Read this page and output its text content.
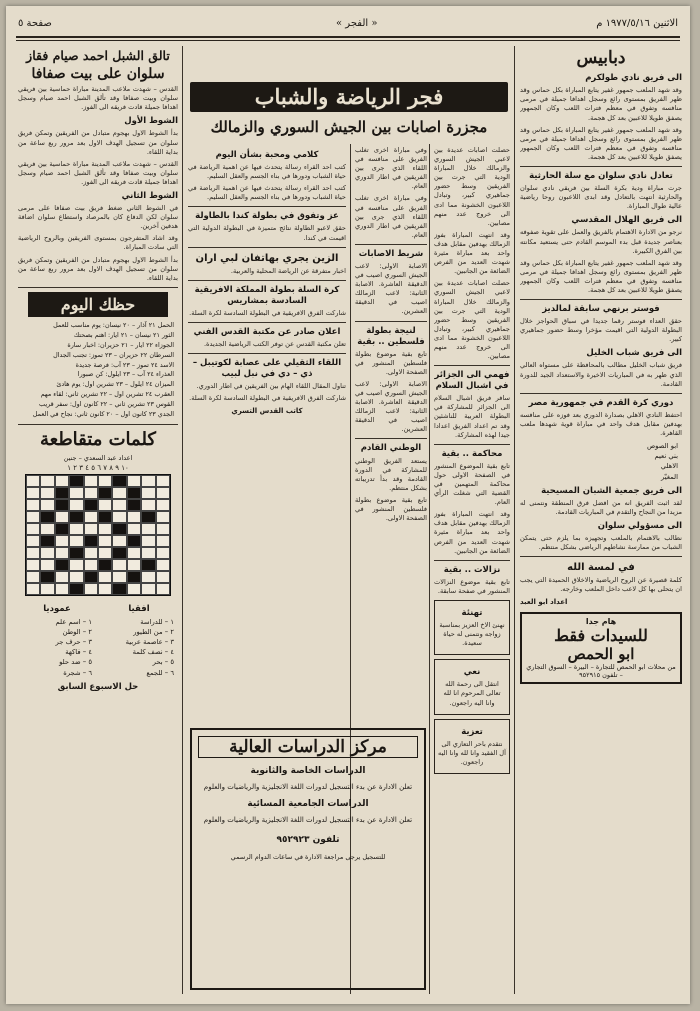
الاثنين ١٩٧٧/٥/١٦ م
« الفجر »
صفحة ٥
دبابيس
الى فريق نادي طولكرم

وقد شهد الملعب جمهور غفير يتابع المباراة بكل حماس وقد ظهر الفريق بمستوى رائع وسجل اهدافا جميلة في مرمى منافسه وتفوق في معظم فترات اللعب وكان الجمهور يصفق طويلا للاعبين بعد كل هجمة.

وقد شهد الملعب جمهور غفير يتابع المباراة بكل حماس وقد ظهر الفريق بمستوى رائع وسجل اهدافا جميلة في مرمى منافسه وتفوق في معظم فترات اللعب وكان الجمهور يصفق طويلا للاعبين بعد كل هجمة.

تعادل نادي سلوان مع سلة الحارثية

جرت مباراة ودية بكرة السلة بين فريقي نادي سلوان والحارثية انتهت بالتعادل وقد ابدى اللاعبون روحا رياضية عالية طوال المباراة.

الى فريق الهلال المقدسي

نرجو من الادارة الاهتمام بالفريق والعمل على تقوية صفوفه بعناصر جديدة قبل بدء الموسم القادم حتى يستعيد مكانته بين الفرق الكبيرة.

وقد شهد الملعب جمهور غفير يتابع المباراة بكل حماس وقد ظهر الفريق بمستوى رائع وسجل اهدافا جميلة في مرمى منافسه وتفوق في معظم فترات اللعب وكان الجمهور يصفق طويلا للاعبين بعد كل هجمة.

فوستر برنهي سابقة لمالديز

حقق العداء فوستر رقما جديدا في سباق الحواجز خلال البطولة الدولية التي اقيمت مؤخرا وسط حضور جماهيري كبير.

الى فريق شباب الخليل

فريق شباب الخليل مطالب بالمحافظة على مستواه العالي الذي ظهر به في المباريات الاخيرة والاستعداد الجيد للدورة القادمة.

دوري كرة القدم في جمهورية مصر

احتفظ النادي الاهلي بصدارة الدوري بعد فوزه على منافسه بهدفين مقابل هدف واحد في مباراة قوية شهدها ملعب القاهرة.

ابو الصوص
بني نعيم
الاهلي
المغيّر
الى فريق جمعية الشبان المسيحية

لقد اثبت الفريق انه من افضل فرق المنطقة ونتمنى له مزيدا من النجاح والتقدم في المباريات القادمة.

الى مسؤولي سلوان

نطالب بالاهتمام بالملعب وتجهيزه بما يلزم حتى يتمكن الشباب من ممارسة نشاطهم الرياضي بشكل منتظم.

في لمسة الله

كلمة قصيرة عن الروح الرياضية والاخلاق الحميدة التي يجب ان يتحلى بها كل لاعب داخل الملعب وخارجه.

اعداد ابو العبد
هام جدا
للسيدات فقط
ابو الحمص
من محلات ابو الحمص للتجارة – البيرة – السوق التجاري – تلفون ٩٥٢٩١٥
فجر الرياضة والشباب
مجزرة اصابات بين الجيش السوري والزمالك

حصلت اصابات عديدة بين لاعبي الجيش السوري والزمالك خلال المباراة الودية التي جرت بين الفريقين وسط حضور جماهيري كبير، وتبادل اللاعبون الخشونة مما ادى الى خروج عدد منهم مصابين.

وقد انتهت المباراة بفوز الزمالك بهدفين مقابل هدف واحد بعد مباراة مثيرة شهدت العديد من الفرص الضائعة من الجانبين.

حصلت اصابات عديدة بين لاعبي الجيش السوري والزمالك خلال المباراة الودية التي جرت بين الفريقين وسط حضور جماهيري كبير، وتبادل اللاعبون الخشونة مما ادى الى خروج عدد منهم مصابين.

فهمي الى الجزائر في اشبال السلام

سافر فريق اشبال السلام الى الجزائر للمشاركة في البطولة العربية للناشئين وقد تم اعداد الفريق اعدادا جيدا لهذه المشاركة.

محاكمة .. بقية

تابع بقية الموضوع المنشور في الصفحة الاولى حول محاكمة المتهمين في القضية التي شغلت الرأي العام.

وقد انتهت المباراة بفوز الزمالك بهدفين مقابل هدف واحد بعد مباراة مثيرة شهدت العديد من الفرص الضائعة من الجانبين.

نزالات .. بقية

تابع بقية موضوع النزالات المنشور في صفحة سابقة.

تهنئة

نهنئ الاخ العزيز بمناسبة زواجه ونتمنى له حياة سعيدة.

نعي

انتقل الى رحمة الله تعالى المرحوم انا لله وانا اليه راجعون.

تعزية

نتقدم باحر التعازي الى آل الفقيد وانا لله وانا اليه راجعون.

وفي مباراة اخرى تغلب الفريق على منافسه في اللقاء الذي جرى بين الفريقين في اطار الدوري العام.

وفي مباراة اخرى تغلب الفريق على منافسه في اللقاء الذي جرى بين الفريقين في اطار الدوري العام.

شريط الاصابات

الاصابة الاولى: لاعب الجيش السوري اصيب في الدقيقة العاشرة. الاصابة الثانية: لاعب الزمالك اصيب في الدقيقة العشرين.

لنيجة بطولة فلسطين .. بقية

تابع بقية موضوع بطولة فلسطين المنشور في الصفحة الاولى.

الاصابة الاولى: لاعب الجيش السوري اصيب في الدقيقة العاشرة. الاصابة الثانية: لاعب الزمالك اصيب في الدقيقة العشرين.

الوطني القادم

يستعد الفريق الوطني للمشاركة في الدورة القادمة وقد بدأ تدريباته بشكل منتظم.

تابع بقية موضوع بطولة فلسطين المنشور في الصفحة الاولى.

كلامي ومحبة بشأن اليوم

كتب احد القراء رسالة يتحدث فيها عن اهمية الرياضة في حياة الشباب ودورها في بناء الجسم والعقل السليم.

كتب احد القراء رسالة يتحدث فيها عن اهمية الرياضة في حياة الشباب ودورها في بناء الجسم والعقل السليم.

عز وتفوق في بطولة كندا بالطاولة

حقق لاعبو الطاولة نتائج متميزة في البطولة الدولية التي اقيمت في كندا.

الزين يجري بهاتفان لبي اران

اخبار متفرقة عن الرياضة المحلية والعربية.

كرة السلة بطولة المملكة الافريقية السادسة بمشاريس

شاركت الفرق الافريقية في البطولة السادسة لكرة السلة.

اعلان صادر عن مكتبة القدس الفني

تعلن مكتبة القدس عن توفر الكتب الرياضية الجديدة.

اللقاء الثقيلي على عصابة لكوتيبل – ذي – دي في نبل لبيب

تناول المقال اللقاء الهام بين الفريقين في اطار الدوري.

شاركت الفرق الافريقية في البطولة السادسة لكرة السلة.

كاتب القدس التسري
مركز الدراسات العالية
الدراسات الخاصة والثانوية
تعلن الادارة عن بدء التسجيل لدورات اللغة الانجليزية والرياضيات والعلوم
الدراسات الجامعية المسائية
تعلن الادارة عن بدء التسجيل لدورات اللغة الانجليزية والرياضيات والعلوم
تلفون ٩٥٢٩٢٣
للتسجيل يرجى مراجعة الادارة في ساعات الدوام الرسمي
تالق الشبل احمد صيام فقاز
سلوان على بيت صفافا

القدس – شهدت ملاعب المدينة مباراة حماسية بين فريقي سلوان وبيت صفافا وقد تألق الشبل احمد صيام وسجل اهدافا جميلة قادت فريقه الى الفوز.

الشوط الأول

بدأ الشوط الاول بهجوم متبادل من الفريقين وتمكن فريق سلوان من تسجيل الهدف الاول بعد مرور ربع ساعة من بداية اللقاء.

القدس – شهدت ملاعب المدينة مباراة حماسية بين فريقي سلوان وبيت صفافا وقد تألق الشبل احمد صيام وسجل اهدافا جميلة قادت فريقه الى الفوز.

الشوط الثاني

في الشوط الثاني ضغط فريق بيت صفافا على مرمى سلوان لكن الدفاع كان بالمرصاد واستطاع سلوان اضافة هدفين آخرين.

وقد اشاد المتفرجون بمستوى الفريقين وبالروح الرياضية التي سادت المباراة.

بدأ الشوط الاول بهجوم متبادل من الفريقين وتمكن فريق سلوان من تسجيل الهدف الاول بعد مرور ربع ساعة من بداية اللقاء.

حظك اليوم
الحمل ٢١ آذار – ٢٠ نيسان: يوم مناسب للعمل
الثور ٢١ نيسان – ٢١ ايار: اهتم بصحتك
الجوزاء ٢٢ ايار – ٢١ حزيران: اخبار سارة
السرطان ٢٢ حزيران – ٢٣ تموز: تجنب الجدال
الاسد ٢٤ تموز – ٢٣ آب: فرصة جديدة
العذراء ٢٤ آب – ٢٣ ايلول: كن صبورا
الميزان ٢٤ ايلول – ٢٣ تشرين اول: يوم هادئ
العقرب ٢٤ تشرين اول – ٢٢ تشرين ثاني: لقاء مهم
القوس ٢٣ تشرين ثاني – ٢٢ كانون اول: سفر قريب
الجدي ٢٣ كانون اول – ٢٠ كانون ثاني: نجاح في العمل
كلمات متقاطعة
اعداد عبد السعدي – جنين
١٠ ٩ ٨ ٧ ٦ ٥ ٤ ٣ ٢ ١
افقيا
١ – للدراسة
٢ – من الطيور
٣ – عاصمة عربية
٤ – نصف كلمة
٥ – بحر
٦ – للجمع
عموديا
١ – اسم علم
٢ – الوطن
٣ – حرف جر
٤ – فاكهة
٥ – ضد حلو
٦ – شجرة
حل الاسبوع السابق
